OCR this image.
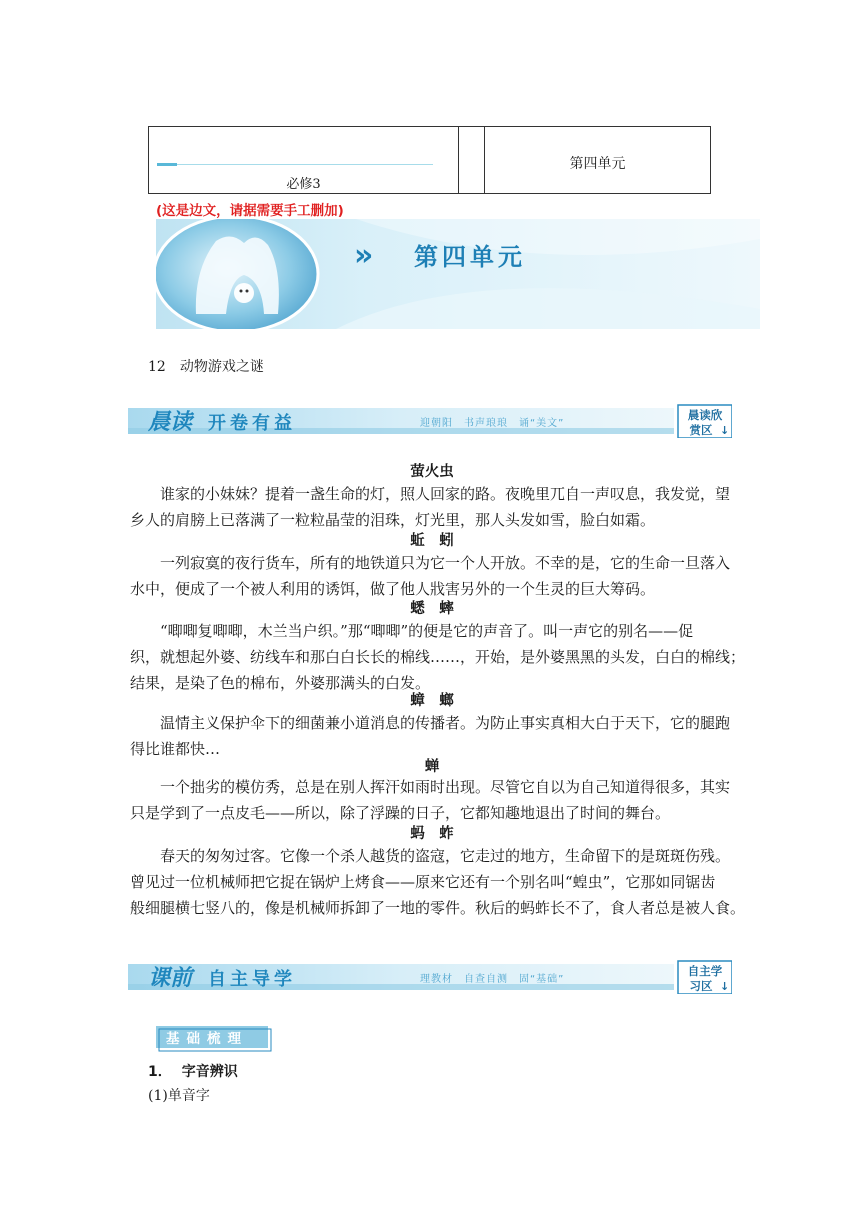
必修3
第四单元
(这是边文，请据需要手工删加)
» 第四单元
12 动物游戏之谜
晨读 开卷有益	迎朝阳　书声琅琅　诵“美文”
晨读欣
赏区 ↓
萤火虫
谁家的小妹妹？提着一盏生命的灯，照人回家的路。夜晚里兀自一声叹息，我发觉，望
乡人的肩膀上已落满了一粒粒晶莹的泪珠，灯光里，那人头发如雪，脸白如霜。
蚯　蚓
一列寂寞的夜行货车，所有的地铁道只为它一个人开放。不幸的是，它的生命一旦落入
水中，便成了一个被人利用的诱饵，做了他人戕害另外的一个生灵的巨大筹码。
蟋　蟀
“唧唧复唧唧，木兰当户织。”那“唧唧”的便是它的声音了。叫一声它的别名——促
织，就想起外婆、纺线车和那白白长长的棉线……，开始，是外婆黑黑的头发，白白的棉线；
结果，是染了色的棉布，外婆那满头的白发。
蟑　螂
温情主义保护伞下的细菌兼小道消息的传播者。为防止事实真相大白于天下，它的腿跑
得比谁都快…
蝉
一个拙劣的模仿秀，总是在别人挥汗如雨时出现。尽管它自以为自己知道得很多，其实
只是学到了一点皮毛——所以，除了浮躁的日子，它都知趣地退出了时间的舞台。
蚂　蚱
春天的匆匆过客。它像一个杀人越货的盗寇，它走过的地方，生命留下的是斑斑伤残。
曾见过一位机械师把它捉在锅炉上烤食——原来它还有一个别名叫“蝗虫”，它那如同锯齿
般细腿横七竖八的，像是机械师拆卸了一地的零件。秋后的蚂蚱长不了，食人者总是被人食。
课前 自主导学	理教材　自查自测　固“基础”
自主学
习区 ↓
基础梳理
1． 字音辨识
(1)单音字
